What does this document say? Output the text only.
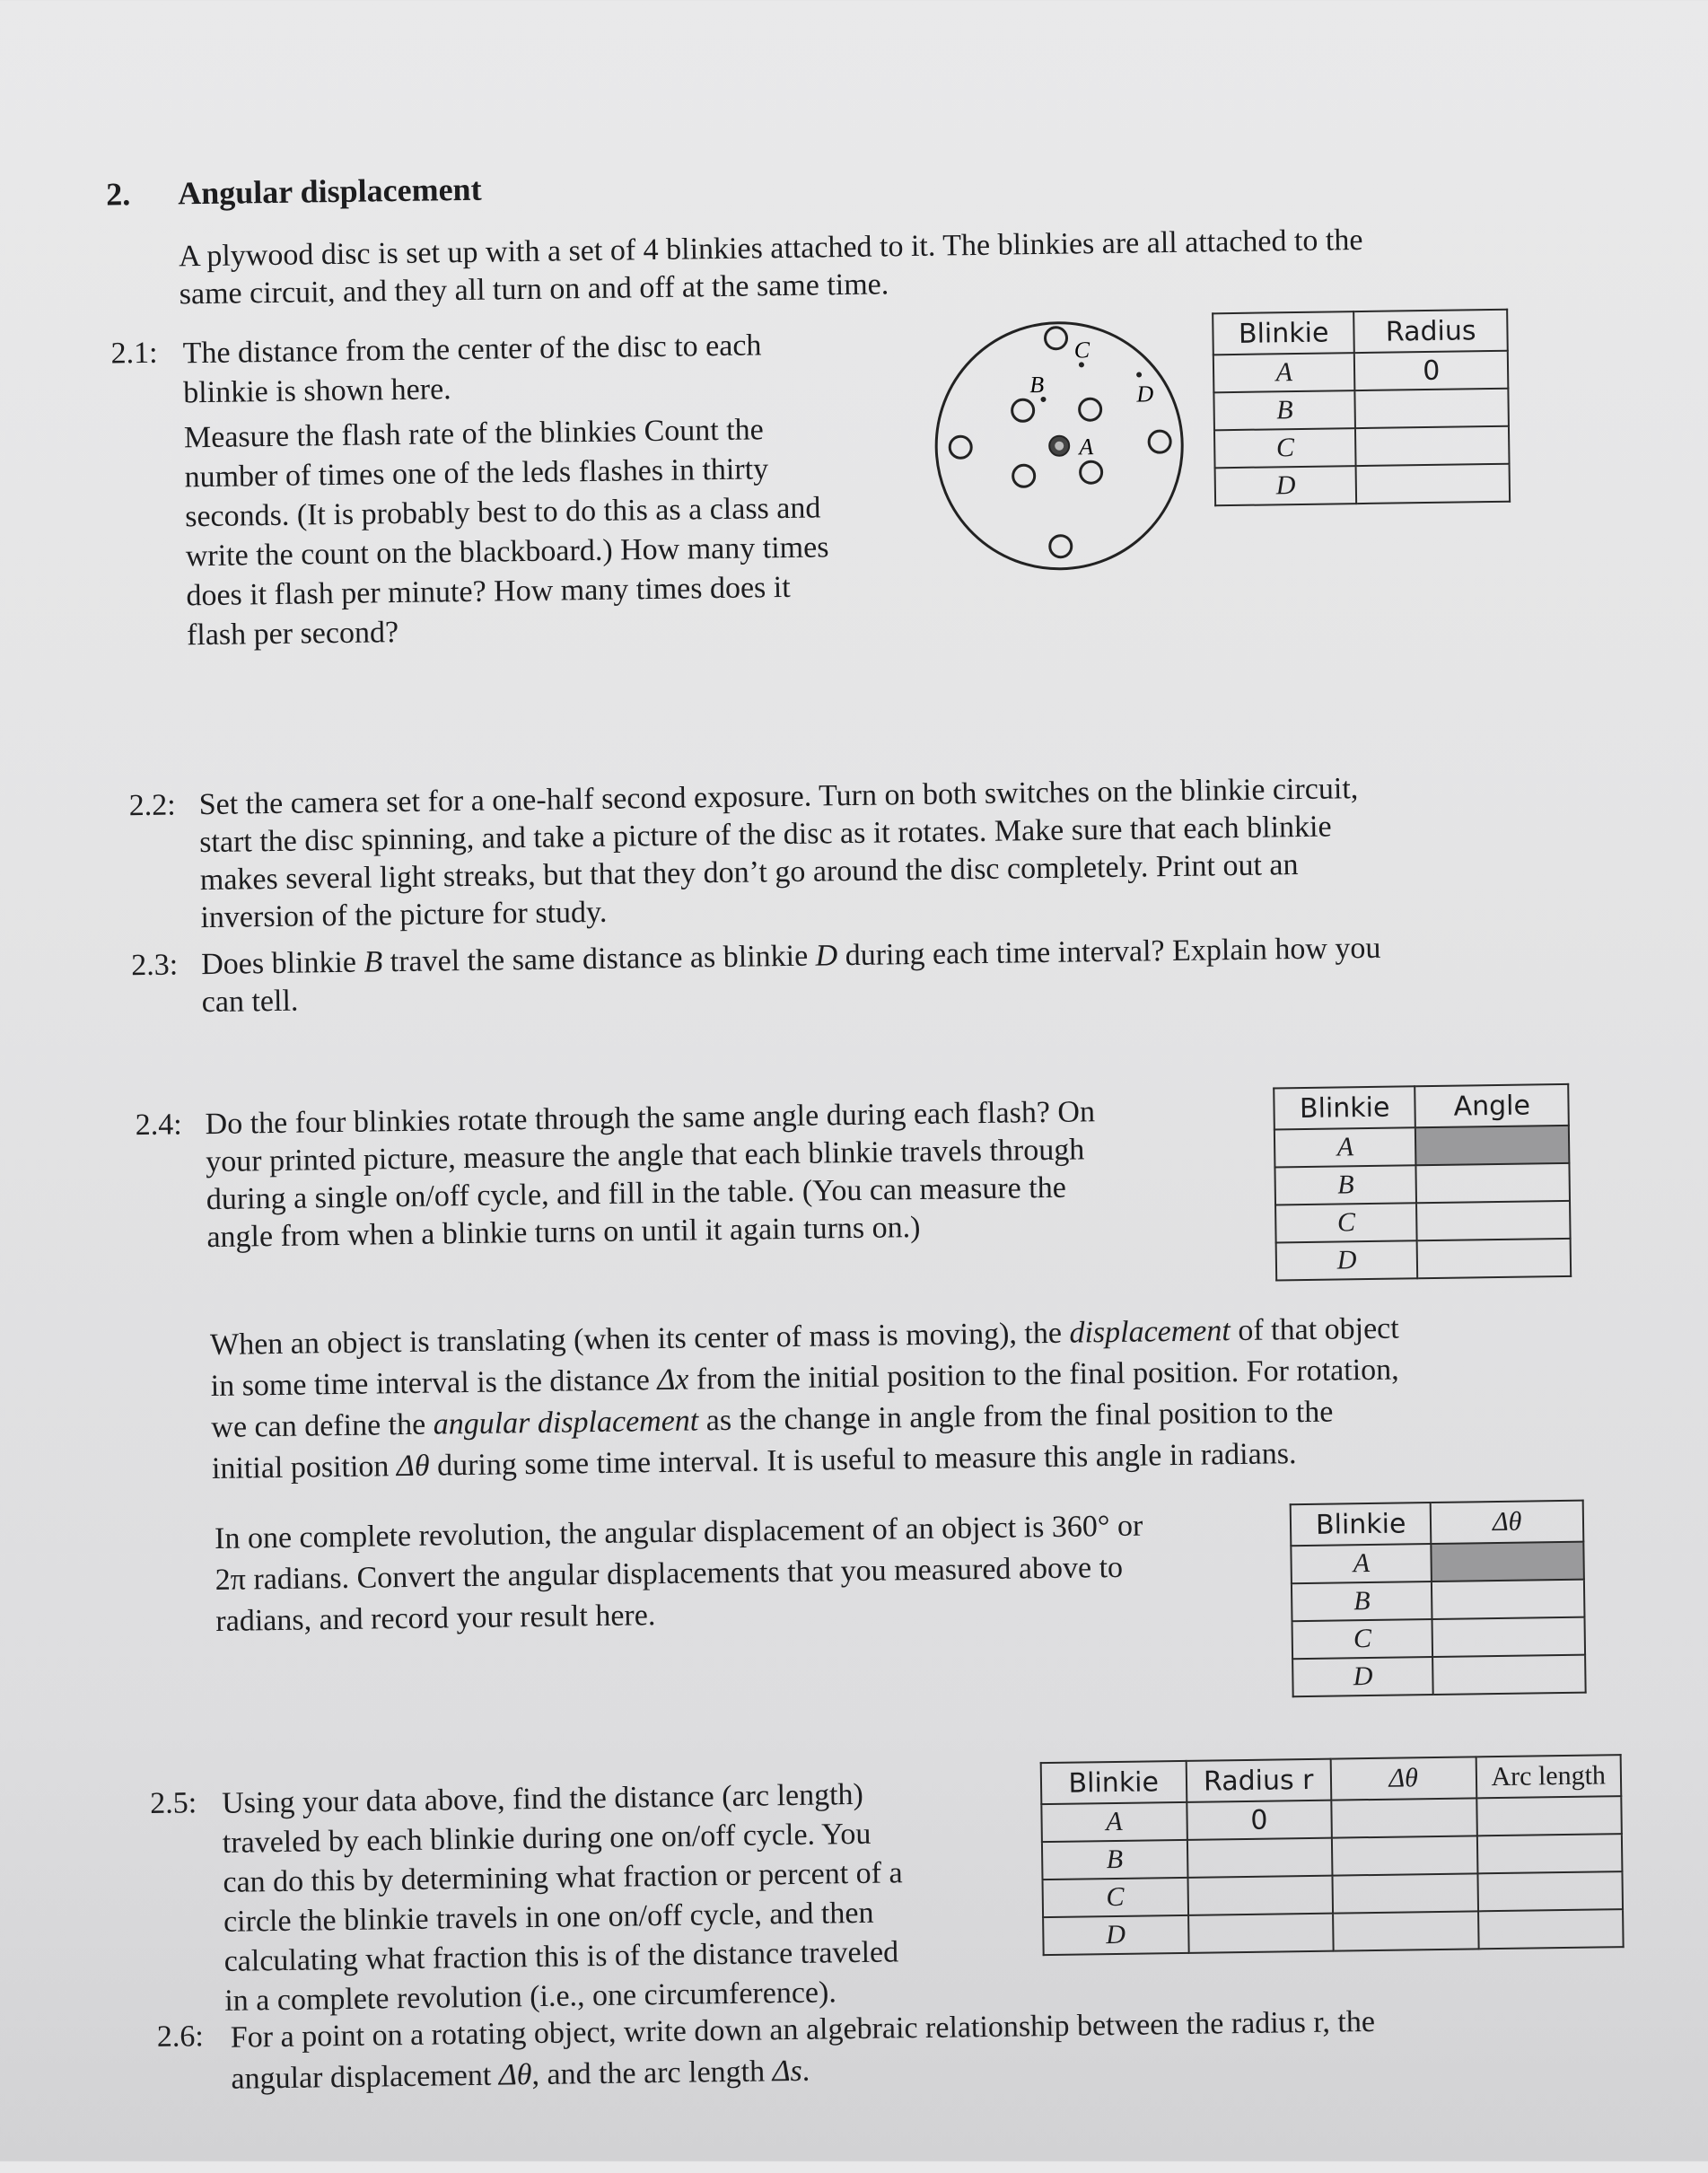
2. Angular displacement
A plywood disc is set up with a set of 4 blinkies attached to it. The blinkies are all attached to the
same circuit, and they all turn on and off at the same time.
2.1: The distance from the center of the disc to each
blinkie is shown here.
Measure the flash rate of the blinkies Count the
number of times one of the leds flashes in thirty
seconds. (It is probably best to do this as a class and
write the count on the blackboard.) How many times
does it flash per minute? How many times does it
flash per second?
C
B	D
A
Blinkie	Radius
A	0
B	
C	
D	
2.2: Set the camera set for a one-half second exposure. Turn on both switches on the blinkie circuit,
start the disc spinning, and take a picture of the disc as it rotates. Make sure that each blinkie
makes several light streaks, but that they don’t go around the disc completely. Print out an
inversion of the picture for study.
2.3: Does blinkie B travel the same distance as blinkie D during each time interval? Explain how you
can tell.
2.4: Do the four blinkies rotate through the same angle during each flash? On
your printed picture, measure the angle that each blinkie travels through
during a single on/off cycle, and fill in the table. (You can measure the
angle from when a blinkie turns on until it again turns on.)
Blinkie	Angle
A	
B	
C	
D	
When an object is translating (when its center of mass is moving), the displacement of that object
in some time interval is the distance Δx from the initial position to the final position. For rotation,
we can define the angular displacement as the change in angle from the final position to the
initial position Δθ during some time interval. It is useful to measure this angle in radians.
In one complete revolution, the angular displacement of an object is 360° or
2π radians. Convert the angular displacements that you measured above to
radians, and record your result here.
Blinkie	Δθ
A	
B	
C	
D	
2.5: Using your data above, find the distance (arc length)
traveled by each blinkie during one on/off cycle. You
can do this by determining what fraction or percent of a
circle the blinkie travels in one on/off cycle, and then
calculating what fraction this is of the distance traveled
in a complete revolution (i.e., one circumference).
Blinkie	Radius r	Δθ	Arc length
A	0		
B			
C			
D			
2.6: For a point on a rotating object, write down an algebraic relationship between the radius r, the
angular displacement Δθ, and the arc length Δs.
